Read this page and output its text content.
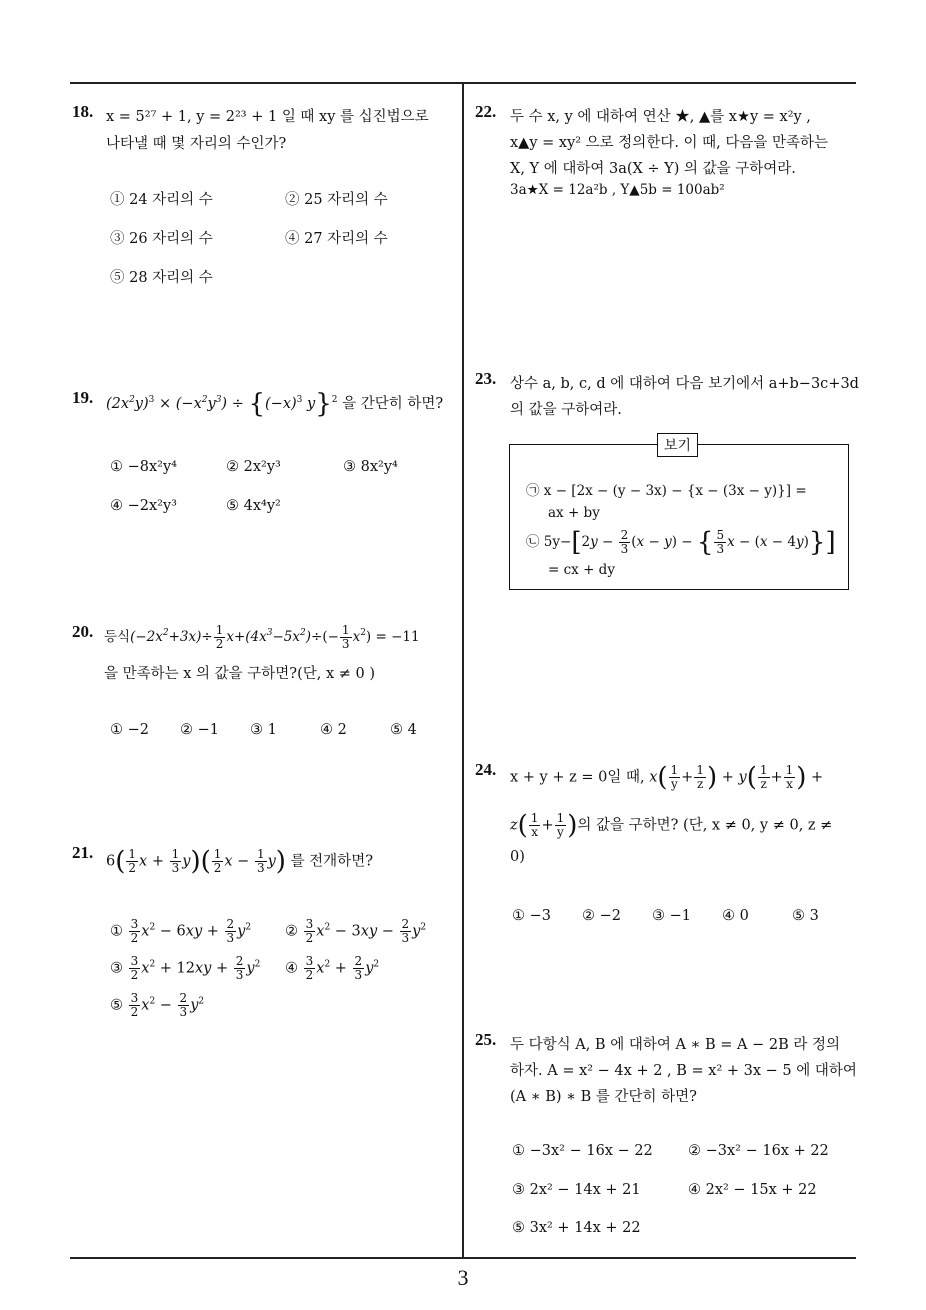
18. x = 5²⁷ + 1, y = 2²³ + 1 일 때 xy 를 십진법으로
나타낼 때 몇 자리의 수인가?
① 24 자리의 수	② 25 자리의 수
③ 26 자리의 수	④ 27 자리의 수
⑤ 28 자리의 수
19. $(2x^2y)^3 \times (-x^2y^3) \div \{(-x)^3$ y}$^2$ 을 간단히 하면?
① −8x²y⁴	② 2x²y³	③ 8x²y⁴
④ −2x²y³	⑤ 4x⁴y²
20. 등식$(-2x^2+3x)\div \frac{1}{2} x+(4x^3-5x^2)\div(- \frac{1}{3} x^2) = -11$
을 만족하는 x 의 값을 구하면?(단, x ≠ 0 )
① −2 ② −1 ③ 1	④ 2	⑤ 4
21. $6( \frac{1}{2}$ $x + \frac{1}{3} y)( \frac{1}{2}$ $x - \frac{1}{3} y$) 를 전개하면?
① $\frac{3}{2} x^2 - 6xy + \frac{2}{3} y^2$ ② $\frac{3}{2} x^2 - 3xy - \frac{2}{3} y^2$
③ $\frac{3}{2} x^2 + 12xy + \frac{2}{3} y^2$ ④ $\frac{3}{2} x^2 + \frac{2}{3} y^2$
⑤ $\frac{3}{2} x^2 - \frac{2}{3} y^2$
22. 두 수 x, y 에 대하여 연산 ★, ▲를 x★y = x²y ,
x▲y = xy² 으로 정의한다. 이 때, 다음을 만족하는
X, Y 에 대하여 3a(X ÷ Y) 의 값을 구하여라.
3a★X = 12a²b , Y▲5b = 100ab²
23. 상수 a, b, c, d 에 대하여 다음 보기에서 a+b−3c+3d
의 값을 구하여라.
보기
㉠ x − [2x − (y − 3x) − {x − (3x − y)}] =
ax + by
㉡ $5y-[2y - \frac{2}{3} (x - y)$ − { $\frac{5}{3}$ x − (x − 4y)}]
= cx + dy
24. x + y + z = 0일 때, $x( \frac{1}{y} + \frac{1}{z}$ ) + $y( \frac{1}{z} + \frac{1}{x}$ ) +
$z( \frac{1}{x} + \frac{1}{y}$ )의 값을 구하면? (단, x ≠ 0, y ≠ 0, z ≠
0)
① −3 ② −2 ③ −1 ④ 0	⑤ 3
25. 두 다항식 A, B 에 대하여 A ∗ B = A − 2B 라 정의
하자. A = x² − 4x + 2 , B = x² + 3x − 5 에 대하여
(A ∗ B) ∗ B 를 간단히 하면?
① −3x² − 16x − 22 ② −3x² − 16x + 22
③ 2x² − 14x + 21	④ 2x² − 15x + 22
⑤ 3x² + 14x + 22
3
